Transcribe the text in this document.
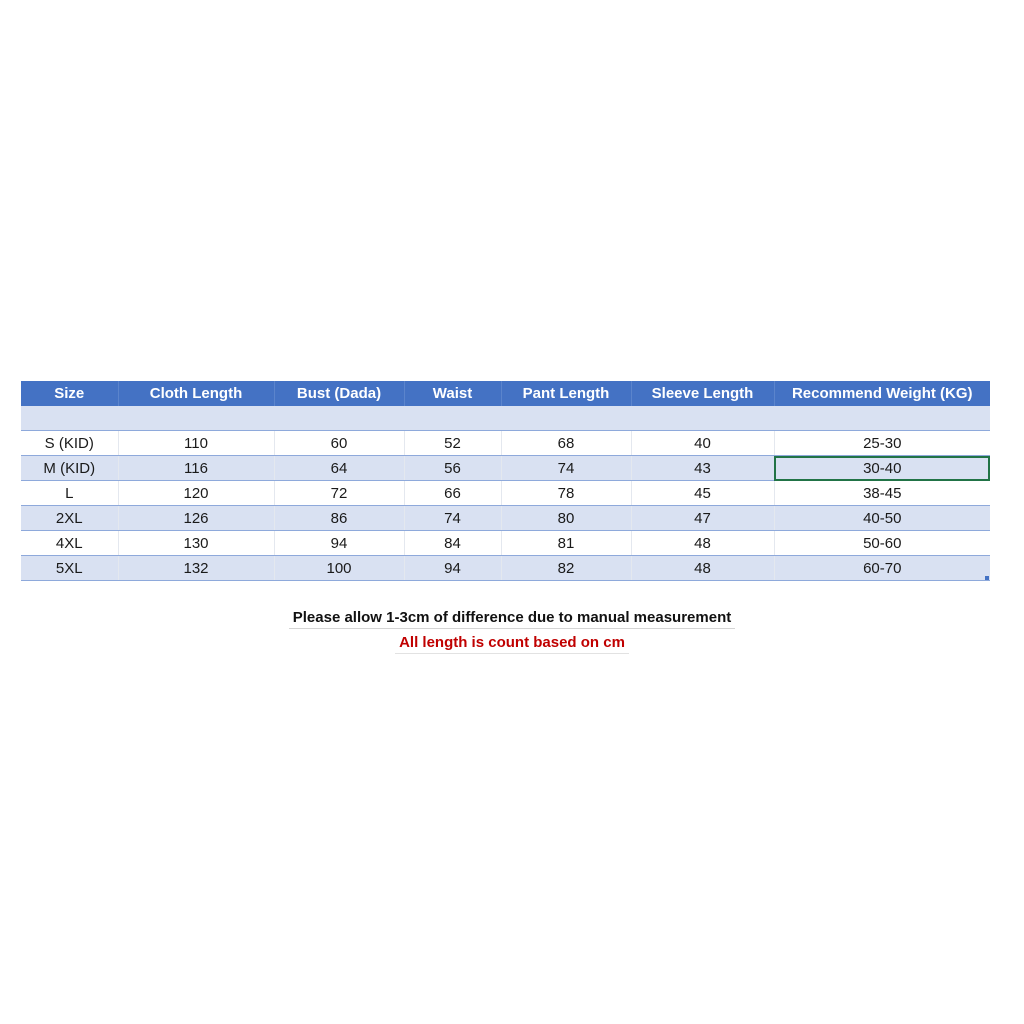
Size	Cloth Length	Bust (Dada)	Waist	Pant Length	Sleeve Length	Recommend Weight (KG)

S (KID)	110	60	52	68	40	25-30
M (KID)	116	64	56	74	43	30-40
L	120	72	66	78	45	38-45
2XL	126	86	74	80	47	40-50
4XL	130	94	84	81	48	50-60
5XL	132	100	94	82	48	60-70
Please allow 1-3cm of difference due to manual measurement
All length is count based on cm
